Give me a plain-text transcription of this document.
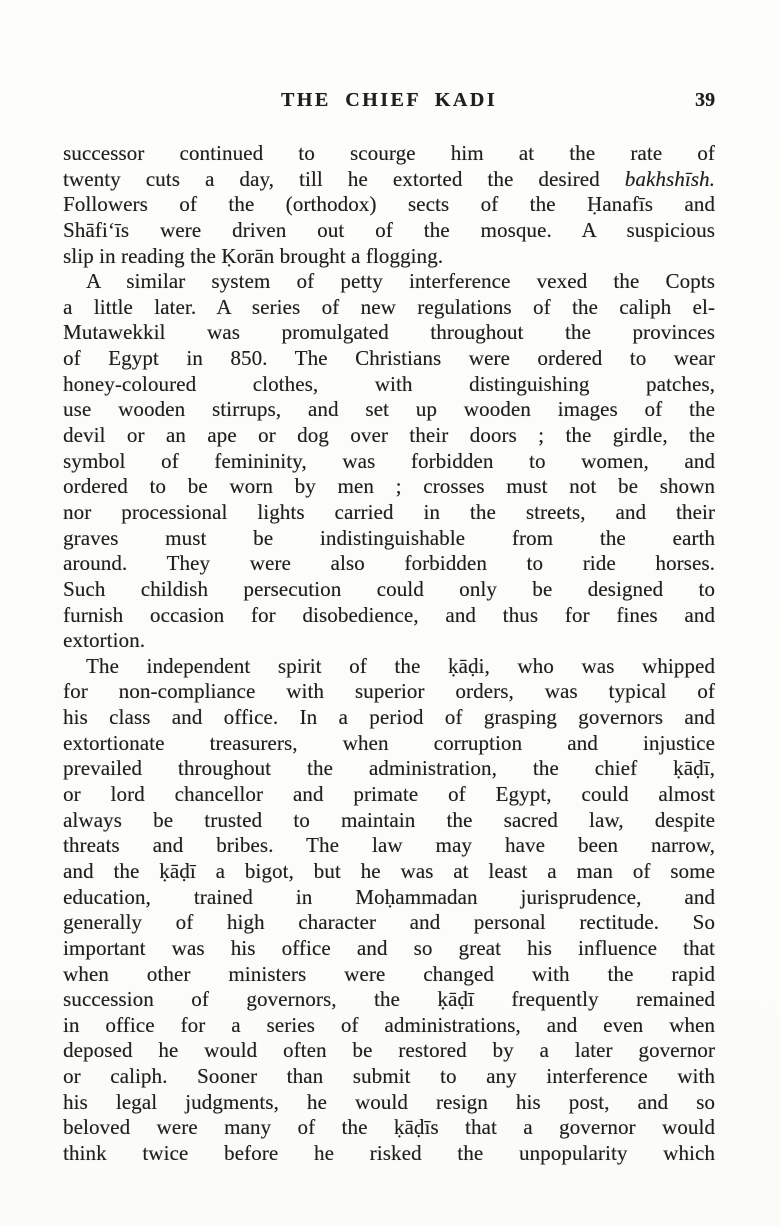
THE CHIEF KADI	39
successor continued to scourge him at the rate of
twenty cuts a day, till he extorted the desired bakhshīsh.
Followers of the (orthodox) sects of the Ḥanafīs and
Shāfi‘īs were driven out of the mosque. A suspicious
slip in reading the Ḳorān brought a flogging.
A similar system of petty interference vexed the Copts
a little later. A series of new regulations of the caliph el-
Mutawekkil was promulgated throughout the provinces
of Egypt in 850. The Christians were ordered to wear
honey-coloured clothes, with distinguishing patches,
use wooden stirrups, and set up wooden images of the
devil or an ape or dog over their doors ; the girdle, the
symbol of femininity, was forbidden to women, and
ordered to be worn by men ; crosses must not be shown
nor processional lights carried in the streets, and their
graves must be indistinguishable from the earth
around. They were also forbidden to ride horses.
Such childish persecution could only be designed to
furnish occasion for disobedience, and thus for fines and
extortion.
The independent spirit of the ḳāḍi, who was whipped
for non-compliance with superior orders, was typical of
his class and office. In a period of grasping governors and
extortionate treasurers, when corruption and injustice
prevailed throughout the administration, the chief ḳāḍī,
or lord chancellor and primate of Egypt, could almost
always be trusted to maintain the sacred law, despite
threats and bribes. The law may have been narrow,
and the ḳāḍī a bigot, but he was at least a man of some
education, trained in Moḥammadan jurisprudence, and
generally of high character and personal rectitude. So
important was his office and so great his influence that
when other ministers were changed with the rapid
succession of governors, the ḳāḍī frequently remained
in office for a series of administrations, and even when
deposed he would often be restored by a later governor
or caliph. Sooner than submit to any interference with
his legal judgments, he would resign his post, and so
beloved were many of the ḳāḍīs that a governor would
think twice before he risked the unpopularity which
